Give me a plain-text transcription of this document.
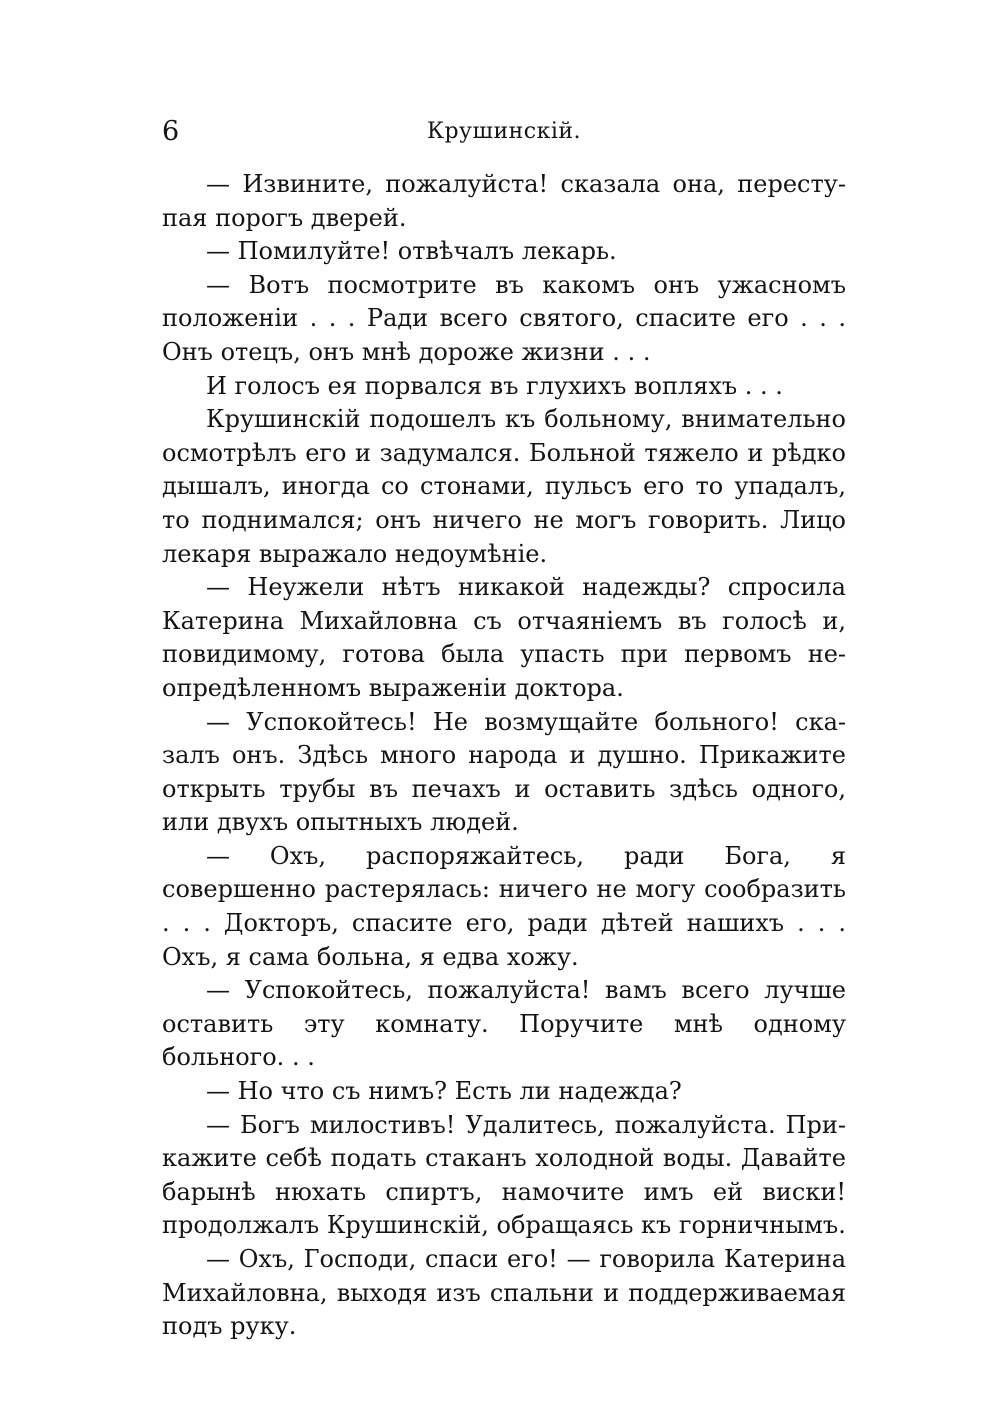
6	Крушинскiй.

— Извините, пожалуйста! сказала она, переступая порогъ дверей.

— Помилуйте! отвѣчалъ лекарь.

— Вотъ посмотрите въ какомъ онъ ужасномъ положенiи . . . Ради всего святого, спасите его . . . Онъ отецъ, онъ мнѣ дороже жизни . . .

И голосъ ея порвался въ глухихъ вопляхъ . . .

Крушинскiй подошелъ къ больному, внимательно осмотрѣлъ его и задумался. Больной тяжело и рѣдко дышалъ, иногда со стонами, пульсъ его то упадалъ, то поднимался; онъ ничего не могъ говорить. Лицо лекаря выражало недоумѣнiе.

— Неужели нѣтъ никакой надежды? спросила Катерина Михайловна съ отчаянiемъ въ голосѣ и, повидимому, готова была упасть при первомъ неопредѣленномъ выраженiи доктора.

— Успокойтесь! Не возмущайте больного! сказалъ онъ. Здѣсь много народа и душно. Прикажите открыть трубы въ печахъ и оставить здѣсь одного, или двухъ опытныхъ людей.

— Охъ, распоряжайтесь, ради Бога, я совершенно растерялась: ничего не могу сообразить . . . Докторъ, спасите его, ради дѣтей нашихъ . . . Охъ, я сама больна, я едва хожу.

— Успокойтесь, пожалуйста! вамъ всего лучше оставить эту комнату. Поручите мнѣ одному больного. . .

— Но что съ нимъ? Есть ли надежда?

— Богъ милостивъ! Удалитесь, пожалуйста. Прикажите себѣ подать стаканъ холодной воды. Давайте барынѣ нюхать спиртъ, намочите имъ ей виски! продолжалъ Крушинскiй, обращаясь къ горничнымъ.

— Охъ, Господи, спаси его! — говорила Катерина Михайловна, выходя изъ спальни и поддерживаемая подъ руку.
